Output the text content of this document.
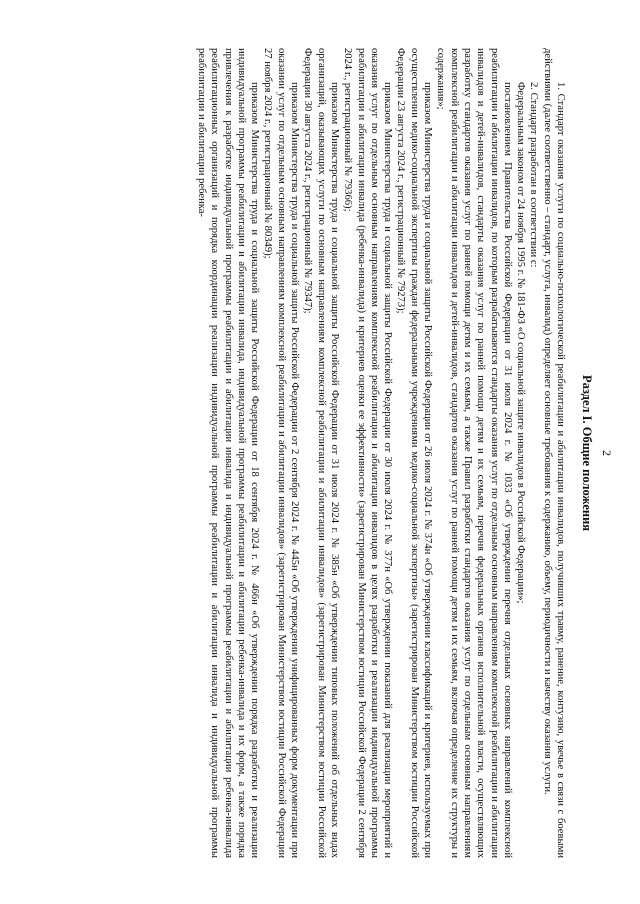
2
Раздел I. Общие положения

1. Стандарт оказания услуги по социально-психологической реабилитации и абилитации инвалидов, получивших травму, ранение, контузию, увечье в связи с боевыми действиями (далее соответственно – стандарт, услуга, инвалид) определяет основные требования к содержанию, объему, периодичности и качеству оказания услуги.

2. Стандарт разработан в соответствии с:

Федеральным законом от 24 ноября 1995 г. № 181-ФЗ «О социальной защите инвалидов в Российской Федерации»;

постановлением Правительства Российской Федерации от 31 июля 2024 г. № 1033 «Об утверждении перечня отдельных основных направлений комплексной реабилитации и абилитации инвалидов, по которым разрабатываются стандарты оказания услуг по отдельным основным направлениям комплексной реабилитации и абилитации инвалидов и детей-инвалидов, стандарты оказания услуг по ранней помощи детям и их семьям, перечня федеральных органов исполнительной власти, осуществляющих разработку стандартов оказания услуг по ранней помощи детям и их семьям, а также Правил разработки стандартов оказания услуг по отдельным основным направлениям комплексной реабилитации и абилитации инвалидов и детей-инвалидов, стандартов оказания услуг по ранней помощи детям и их семьям, включая определение их структуры и содержания»;

приказом Министерства труда и социальной защиты Российской Федерации от 26 июля 2024 г. № 374н «Об утверждении классификаций и критериев, используемых при осуществлении медико-социальной экспертизы граждан федеральными учреждениями медико-социальной экспертизы» (зарегистрирован Министерством юстиции Российской Федерации 23 августа 2024 г., регистрационный № 79273);

приказом Министерства труда и социальной защиты Российской Федерации от 30 июля 2024 г. № 377н «Об утверждении показаний для реализации мероприятий и оказания услуг по отдельным основным направлениям комплексной реабилитации и абилитации инвалидов в целях разработки и реализации индивидуальной программы реабилитации и абилитации инвалида (ребенка-инвалида) и критериев оценки ее эффективности» (зарегистрирован Министерством юстиции Российской Федерации 2 сентября 2024 г., регистрационный № 79366);

приказом Министерства труда и социальной защиты Российской Федерации от 31 июля 2024 г. № 385н «Об утверждении типовых положений об отдельных видах организаций, оказывающих услуги по основным направлениям комплексной реабилитации и абилитации инвалидов» (зарегистрирован Министерством юстиции Российской Федерации 30 августа 2024 г., регистрационный № 79347);

приказом Министерства труда и социальной защиты Российской Федерации от 2 сентября 2024 г. № 445н «Об утверждении унифицированных форм документации при оказании услуг по отдельным основным направлениям комплексной реабилитации и абилитации инвалидов» (зарегистрирован Министерством юстиции Российской Федерации 27 ноября 2024 г., регистрационный № 80349);

приказом Министерства труда и социальной защиты Российской Федерации от 18 сентября 2024 г. № 466н «Об утверждении порядка разработки и реализации индивидуальной программы реабилитации и абилитации инвалида, индивидуальной программы реабилитации и абилитации ребенка-инвалида и их форм, а также порядка привлечения к разработке индивидуальной программы реабилитации и абилитации инвалида и индивидуальной программы реабилитации и абилитации ребенка-инвалида реабилитационных организаций и порядка координации реализации индивидуальной программы реабилитации и абилитации инвалида и индивидуальной программы реабилитации и абилитации ребенка-
